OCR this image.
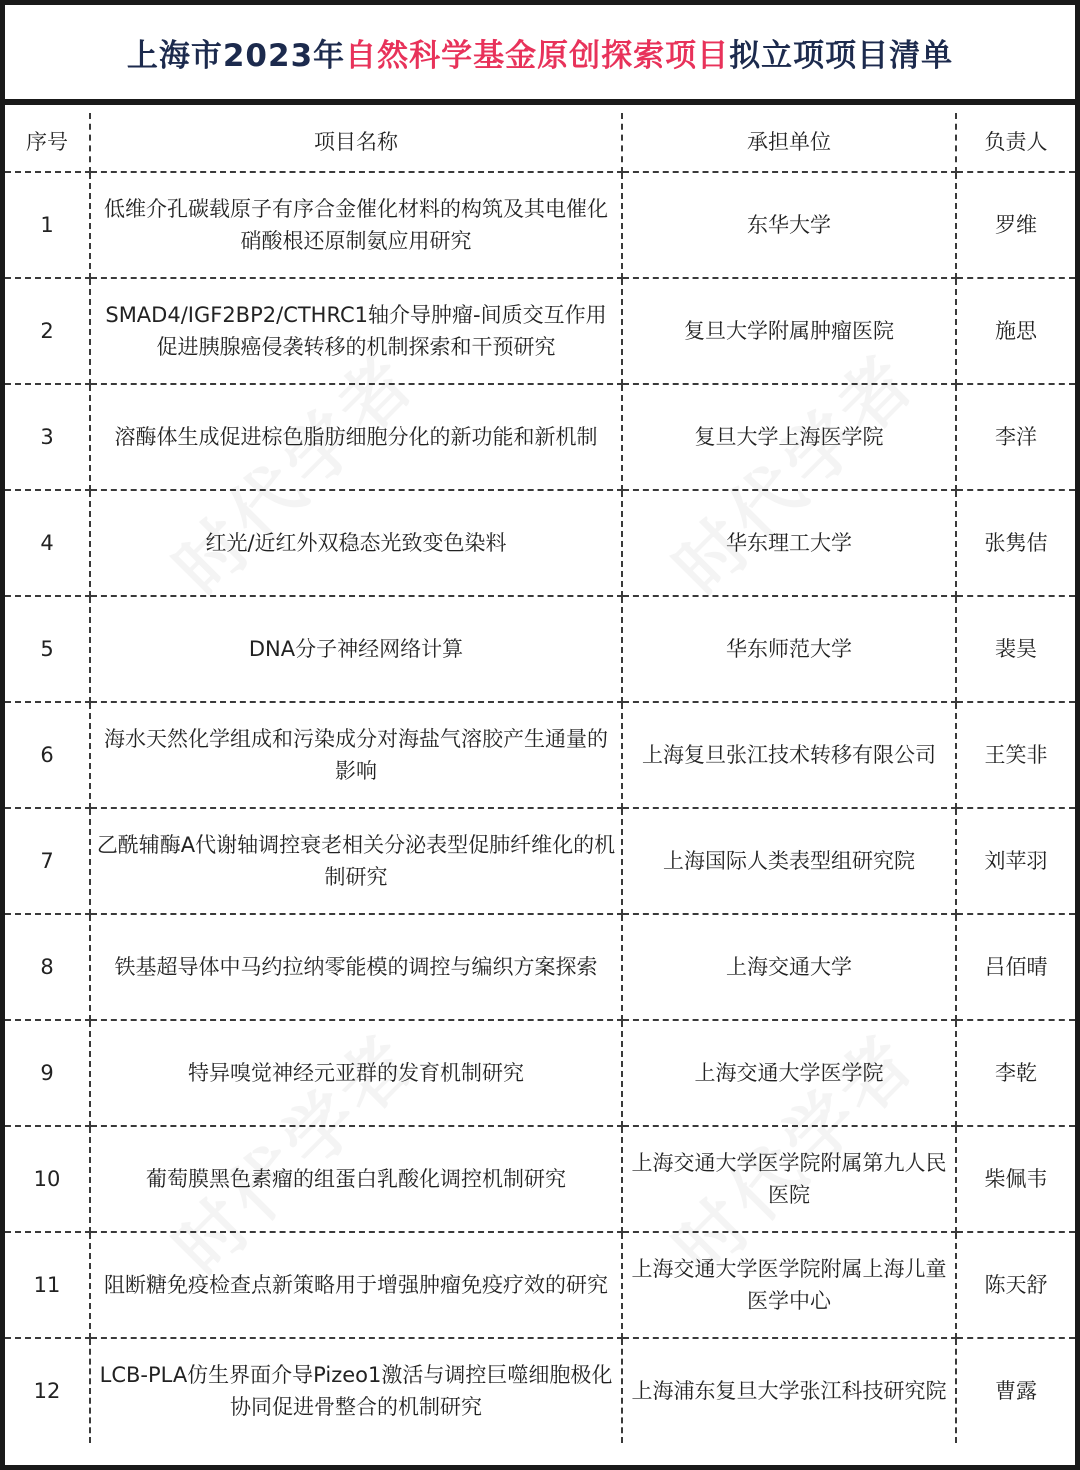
上海市2023年 自然科学基金原创探索项目 拟立项项目清单
序号	项目名称	承担单位	负责人
1	低维介孔碳载原子有序合金催化材料的构筑及其电催化硝酸根还原制氨应用研究	东华大学	罗维
2	SMAD4/IGF2BP2/CTHRC1轴介导肿瘤-间质交互作用促进胰腺癌侵袭转移的机制探索和干预研究	复旦大学附属肿瘤医院	施思
3	溶酶体生成促进棕色脂肪细胞分化的新功能和新机制	复旦大学上海医学院	李洋
4	红光/近红外双稳态光致变色染料	华东理工大学	张隽佶
5	DNA分子神经网络计算	华东师范大学	裴昊
6	海水天然化学组成和污染成分对海盐气溶胶产生通量的影响	上海复旦张江技术转移有限公司	王笑非
7	乙酰辅酶A代谢轴调控衰老相关分泌表型促肺纤维化的机制研究	上海国际人类表型组研究院	刘苹羽
8	铁基超导体中马约拉纳零能模的调控与编织方案探索	上海交通大学	吕佰晴
9	特异嗅觉神经元亚群的发育机制研究	上海交通大学医学院	李乾
10	葡萄膜黑色素瘤的组蛋白乳酸化调控机制研究	上海交通大学医学院附属第九人民医院	柴佩韦
11	阻断糖免疫检查点新策略用于增强肿瘤免疫疗效的研究	上海交通大学医学院附属上海儿童医学中心	陈天舒
12	LCB-PLA仿生界面介导Pizeo1激活与调控巨噬细胞极化协同促进骨整合的机制研究	上海浦东复旦大学张江科技研究院	曹露
